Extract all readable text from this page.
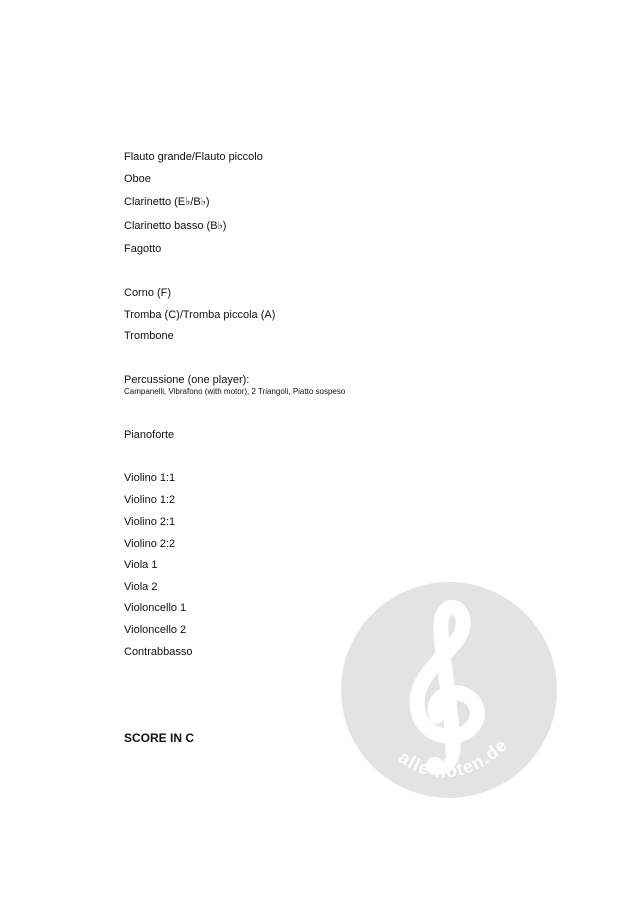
Flauto grande/Flauto piccolo
Oboe
Clarinetto (E♭/B♭)
Clarinetto basso (B♭)
Fagotto
Corno (F)
Tromba (C)/Tromba piccola (A)
Trombone
Percussione (one player):
Campanelli, Vibrafono (with motor), 2 Triangoli, Piatto sospeso
Pianoforte
Violino 1:1
Violino 1:2
Violino 2:1
Violino 2:2
Viola 1
Viola 2
Violoncello 1
Violoncello 2
Contrabbasso
SCORE IN C
alle-noten.de
